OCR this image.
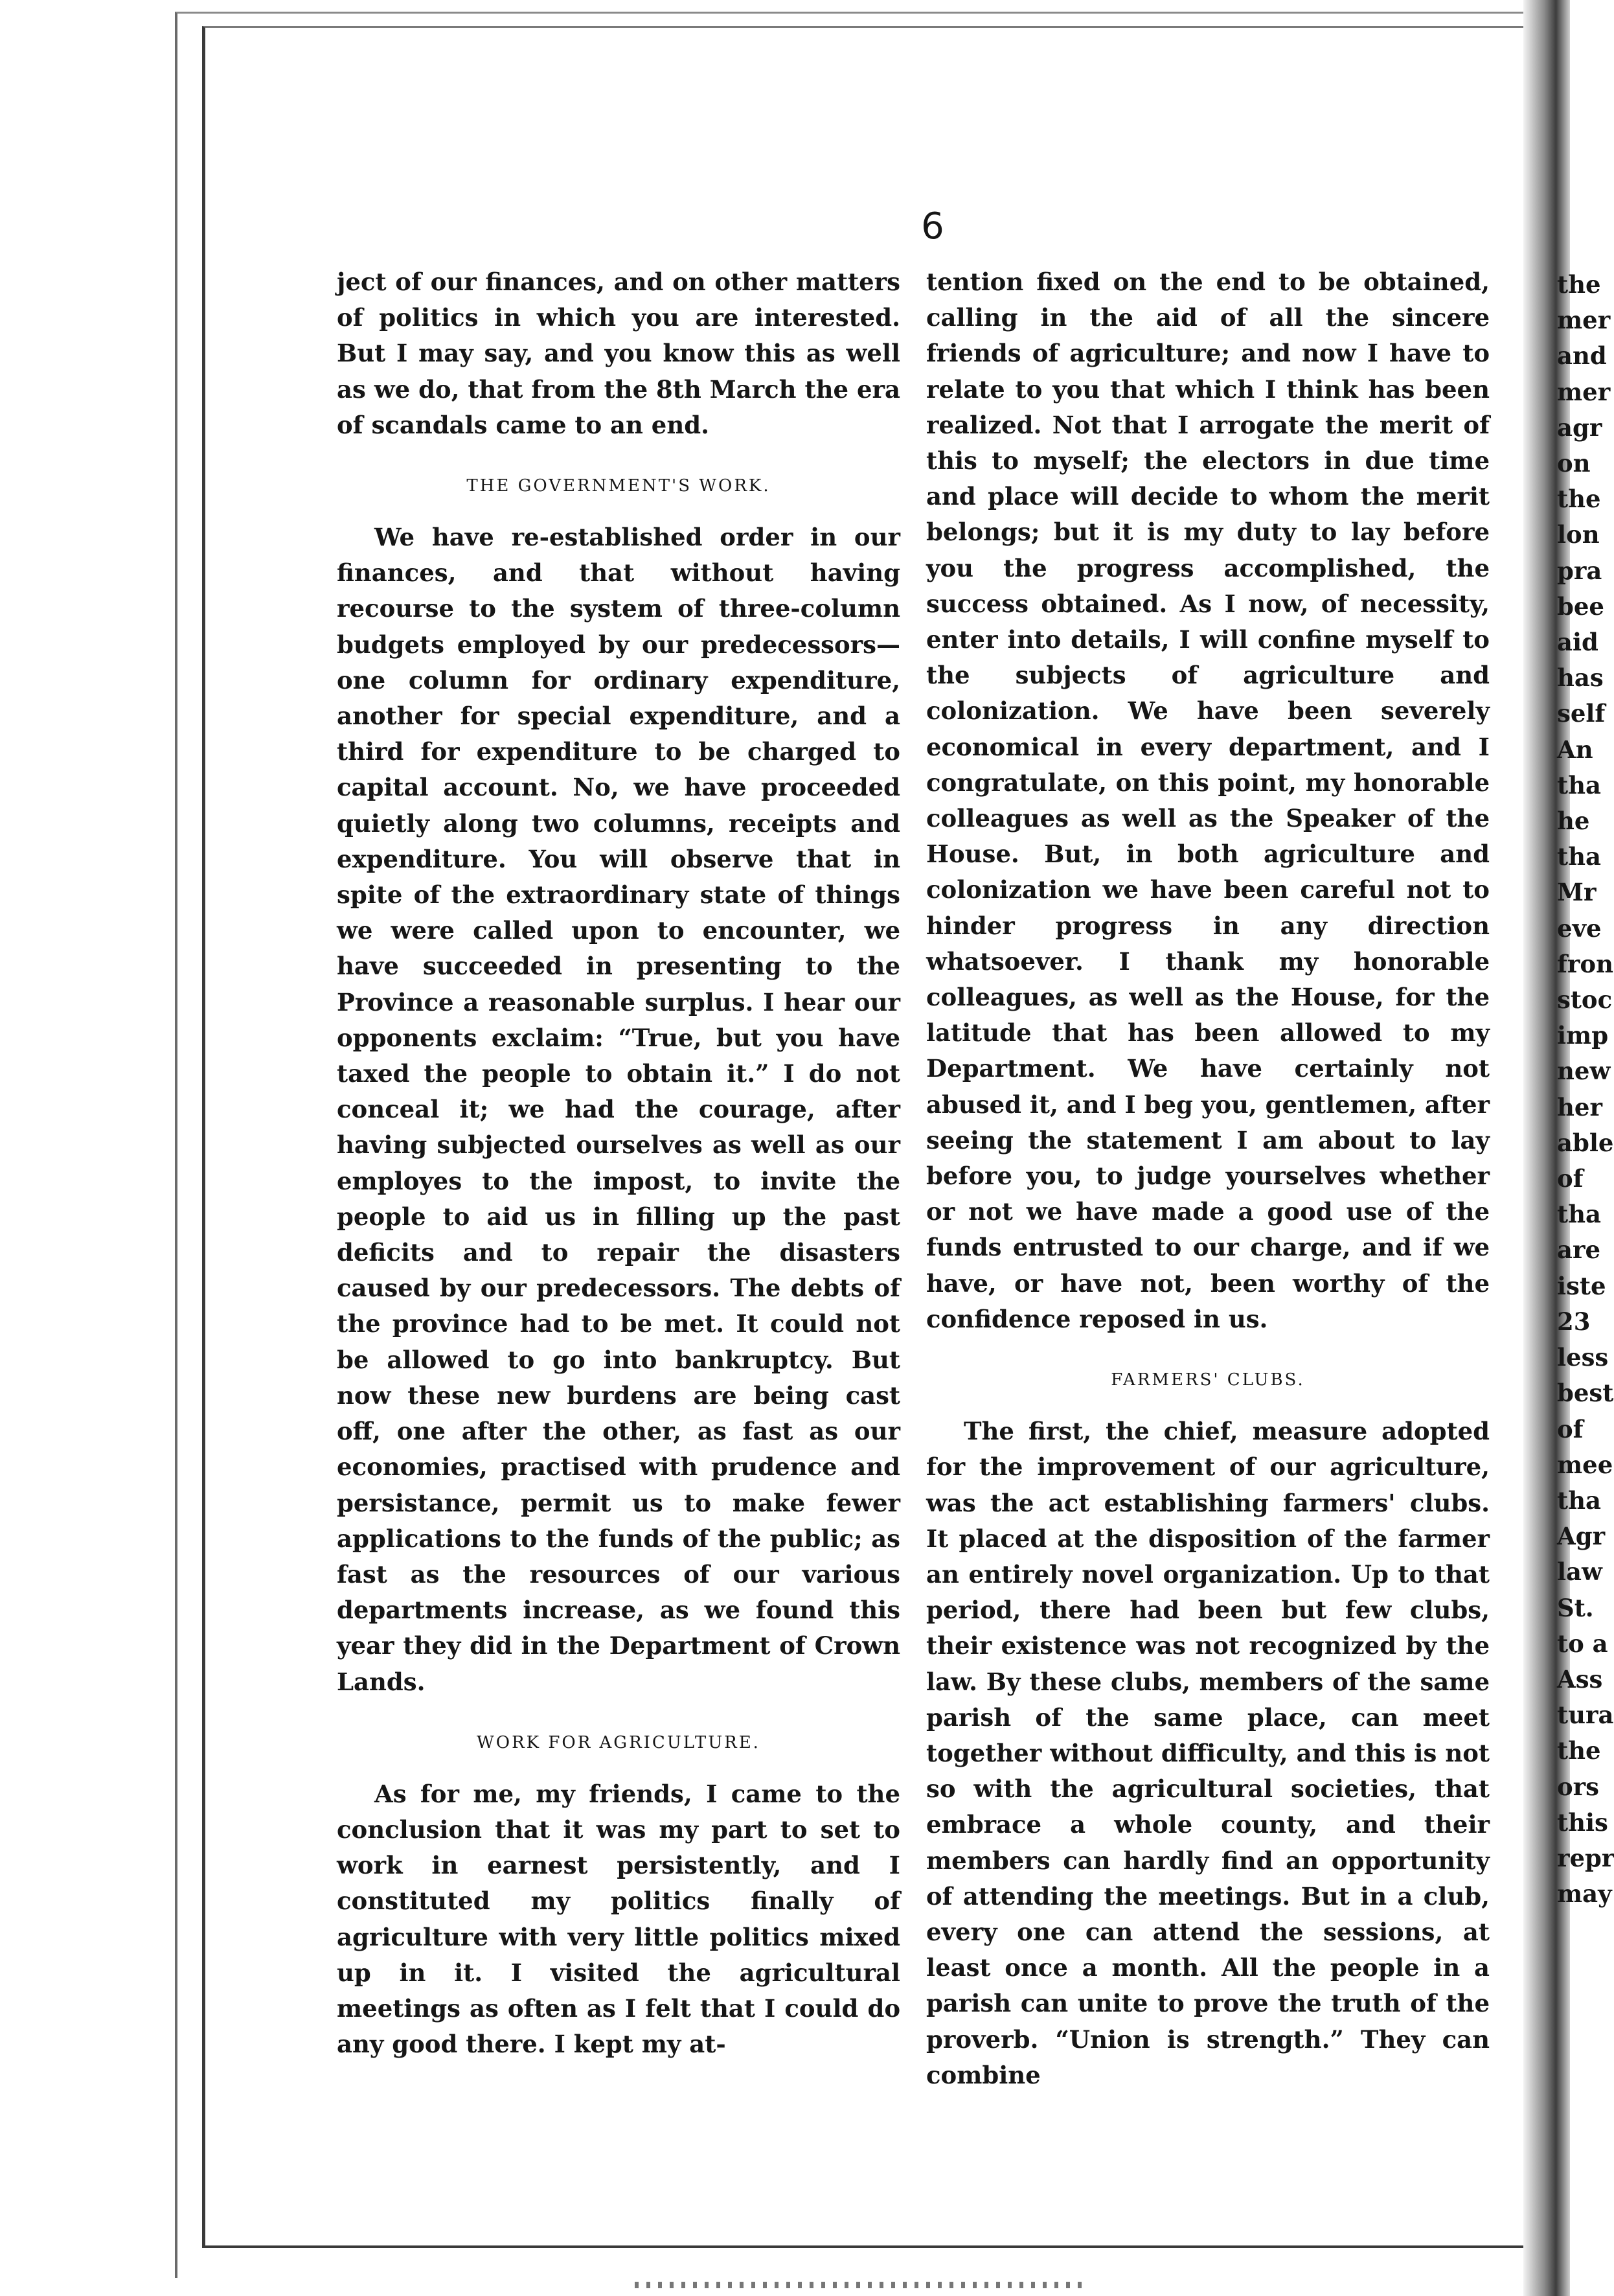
6

ject of our finances, and on other matters of politics in which you are interested. But I may say, and you know this as well as we do, that from the 8th March the era of scandals came to an end.

THE GOVERNMENT'S WORK.

We have re-established order in our finances, and that without having recourse to the system of three-column budgets employed by our predecessors—one column for ordinary expenditure, another for special expenditure, and a third for expenditure to be charged to capital account. No, we have proceeded quietly along two columns, receipts and expenditure. You will observe that in spite of the extraordinary state of things we were called upon to encounter, we have succeeded in presenting to the Province a reasonable surplus. I hear our opponents exclaim: “True, but you have taxed the people to obtain it.” I do not conceal it; we had the courage, after having subjected ourselves as well as our employes to the impost, to invite the people to aid us in filling up the past deficits and to repair the disasters caused by our predecessors. The debts of the province had to be met. It could not be allowed to go into bankruptcy. But now these new burdens are being cast off, one after the other, as fast as our economies, practised with prudence and persistance, permit us to make fewer applications to the funds of the public; as fast as the resources of our various departments increase, as we found this year they did in the Department of Crown Lands.

WORK FOR AGRICULTURE.

As for me, my friends, I came to the conclusion that it was my part to set to work in earnest persistently, and I constituted my politics finally of agriculture with very little politics mixed up in it. I visited the agricultural meetings as often as I felt that I could do any good there. I kept my at-

tention fixed on the end to be obtained, calling in the aid of all the sincere friends of agriculture; and now I have to relate to you that which I think has been realized. Not that I arrogate the merit of this to myself; the electors in due time and place will decide to whom the merit belongs; but it is my duty to lay before you the progress accomplished, the success obtained. As I now, of necessity, enter into details, I will confine myself to the subjects of agriculture and colonization. We have been severely economical in every department, and I congratulate, on this point, my honorable colleagues as well as the Speaker of the House. But, in both agriculture and colonization we have been careful not to hinder progress in any direction whatsoever. I thank my honorable colleagues, as well as the House, for the latitude that has been allowed to my Department. We have certainly not abused it, and I beg you, gentlemen, after seeing the statement I am about to lay before you, to judge yourselves whether or not we have made a good use of the funds entrusted to our charge, and if we have, or have not, been worthy of the confidence reposed in us.

FARMERS' CLUBS.

The first, the chief, measure adopted for the improvement of our agriculture, was the act establishing farmers' clubs. It placed at the disposition of the farmer an entirely novel organization. Up to that period, there had been but few clubs, their existence was not recognized by the law. By these clubs, members of the same parish of the same place, can meet together without difficulty, and this is not so with the agricultural societies, that embrace a whole county, and their members can hardly find an opportunity of attending the meetings. But in a club, every one can attend the sessions, at least once a month. All the people in a parish can unite to prove the truth of the proverb. “Union is strength.” They can combine

the
mer
and
mer
agr
on
the
lon
pra
bee
aid
has
self
An
tha
he
tha
Mr
eve
fron
stoc
imp
new
her
able
of
tha
are
iste
23
less
best
of
mee
tha
Agr
law
St.
to a
Ass
tura
the
ors
this
repr
may
